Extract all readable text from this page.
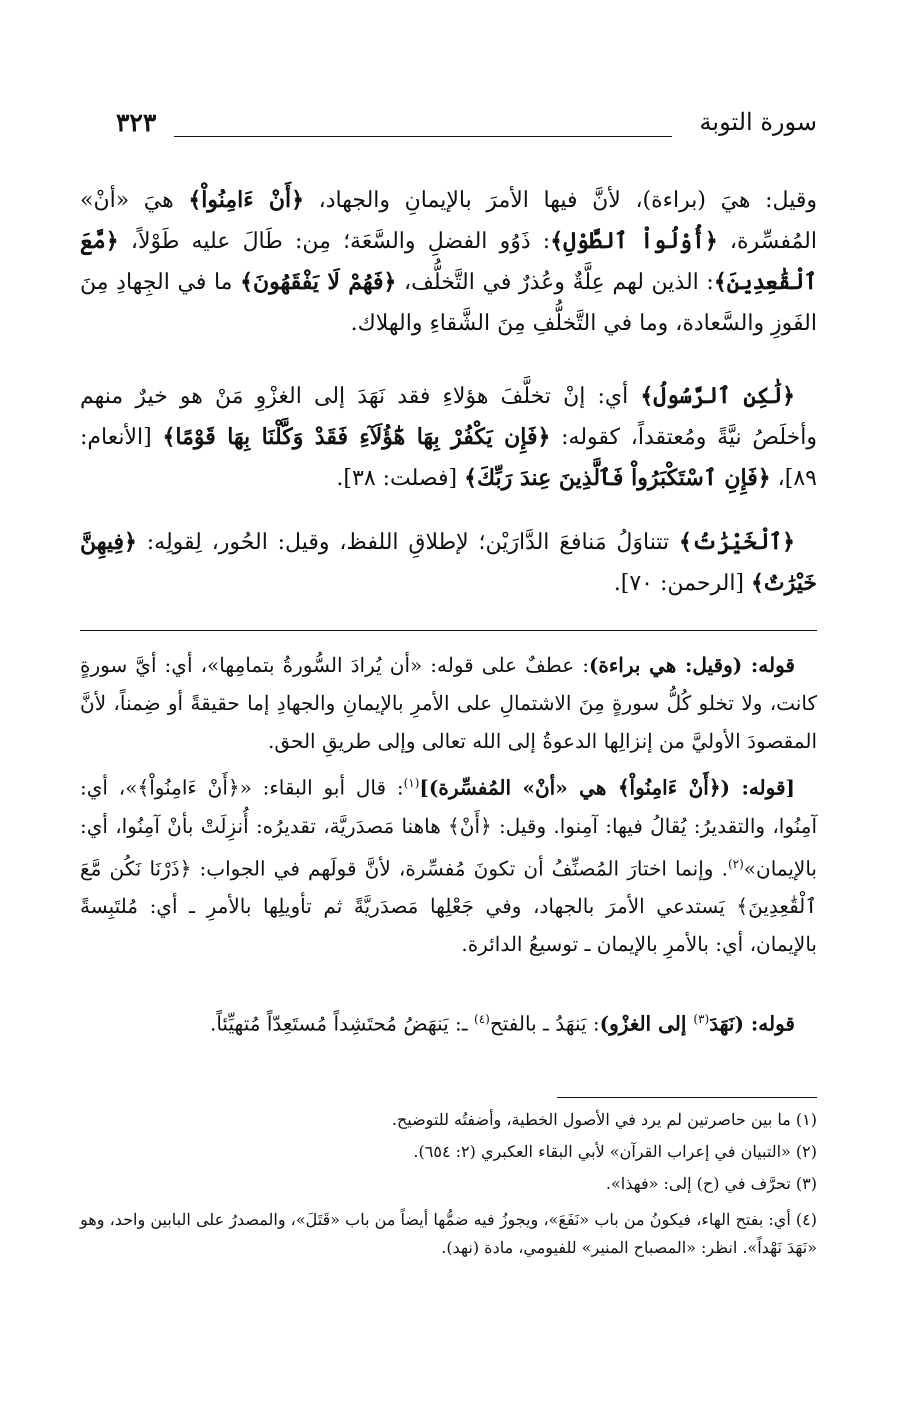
سورة التوبة
٣٢٣

وقيل: هيَ (براءة)، لأنَّ فيها الأمرَ بالإيمانِ والجهاد، ﴿أَنْ ءَامِنُواْ﴾ هيَ «أنْ» المُفسِّرة، ﴿أُوْلُواْ ٱلطَّوْلِ﴾: ذَوُو الفضلِ والسَّعَة؛ مِن: طَالَ عليه طَوْلاً، ﴿مَّعَ ٱلْقَٰعِدِينَ﴾: الذين لهم عِلَّةٌ وعُذرٌ في التَّخلُّف، ﴿فَهُمْ لَا يَفْقَهُونَ﴾ ما في الجِهادِ مِنَ الفَوزِ والسَّعادة، وما في التَّخلُّفِ مِنَ الشَّقاءِ والهلاك.

﴿لَٰكِنِ ٱلرَّسُولُ﴾ أي: إنْ تخلَّفَ هؤلاءِ فقد نَهَدَ إلى الغزْوِ مَنْ هو خيرٌ منهم وأخلَصُ نيَّةً ومُعتقداً، كقوله: ﴿فَإِن يَكْفُرْ بِهَا هَٰٓؤُلَآءِ فَقَدْ وَكَّلْنَا بِهَا قَوْمًا﴾ [الأنعام: ٨٩]، ﴿فَإِنِ ٱسْتَكْبَرُواْ فَٱلَّذِينَ عِندَ رَبِّكَ﴾ [فصلت: ٣٨].

﴿ٱلْخَيْرَٰتُ﴾ تتناوَلُ مَنافعَ الدَّارَيْن؛ لإطلاقِ اللفظ، وقيل: الحُور، لِقولِه: ﴿فِيهِنَّ خَيْرَٰتٌ﴾ [الرحمن: ٧٠].

قوله: (وقيل: هي براءة): عطفٌ على قوله: «أن يُرادَ السُّورةُ بتمامِها»، أي: أيَّ سورةٍ كانت، ولا تخلو كُلُّ سورةٍ مِنَ الاشتمالِ على الأمرِ بالإيمانِ والجهادِ إما حقيقةً أو ضِمناً، لأنَّ المقصودَ الأوليَّ من إنزالِها الدعوةُ إلى الله تعالى وإلى طريقِ الحق.

[قوله: (﴿أَنْ ءَامِنُواْ﴾ هي «أنْ» المُفسِّرة)]$^{(١)}$: قال أبو البقاء: «﴿أَنْ ءَامِنُواْ﴾»، أي: آمِنُوا، والتقديرُ: يُقالُ فيها: آمِنوا. وقيل: ﴿أَنْ﴾ هاهنا مَصدَريَّة، تقديرُه: أُنزِلَتْ بأنْ آمِنُوا، أي: بالإيمان»$^{(٢)}$. وإنما اختارَ المُصنِّفُ أن تكونَ مُفسِّرة، لأنَّ قولَهم في الجواب: ﴿ذَرْنَا نَكُن مَّعَ ٱلْقَٰعِدِينَ﴾ يَستدعي الأمرَ بالجهاد، وفي جَعْلِها مَصدَريَّةً ثم تأويلِها بالأمرِ ـ أي: مُلتَبِسةً بالإيمان، أي: بالأمرِ بالإيمان ـ توسيعُ الدائرة.

قوله: (نَهَدَ$^{(٣)}$ إلى الغزْو): يَنهَدُ ـ بالفتح$^{(٤)}$ ـ: يَنهَضُ مُحتَشِداً مُستَعِدّاً مُتهيِّئاً.

(١) ما بين حاصرتين لم يرد في الأصول الخطية، وأضفتُه للتوضيح.

(٢) «التبيان في إعراب القرآن» لأبي البقاء العكبري (٢: ٦٥٤).

(٣) تحرَّف في (ح) إلى: «فهذا».

(٤) أي: بفتح الهاء، فيكونُ من باب «نَفَعَ»، ويجوزُ فيه ضمُّها أيضاً من باب «قَتَلَ»، والمصدرُ على البابين واحد، وهو «نَهَدَ نَهْداً». انظر: «المصباح المنير» للفيومي، مادة (نهد).
